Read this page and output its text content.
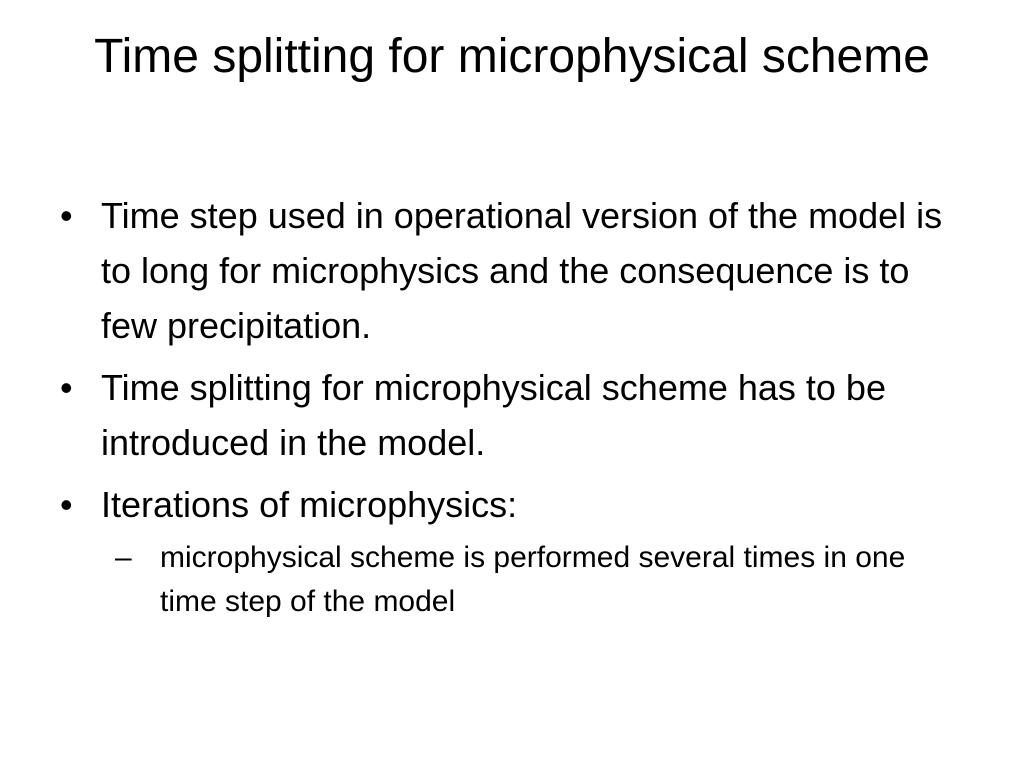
Time splitting for microphysical scheme
• Time step used in operational version of the model is to long for microphysics and the consequence is to few precipitation.
• Time splitting for microphysical scheme has to be introduced in the model.
• Iterations of microphysics:
– microphysical scheme is performed several times in one time step of the model
